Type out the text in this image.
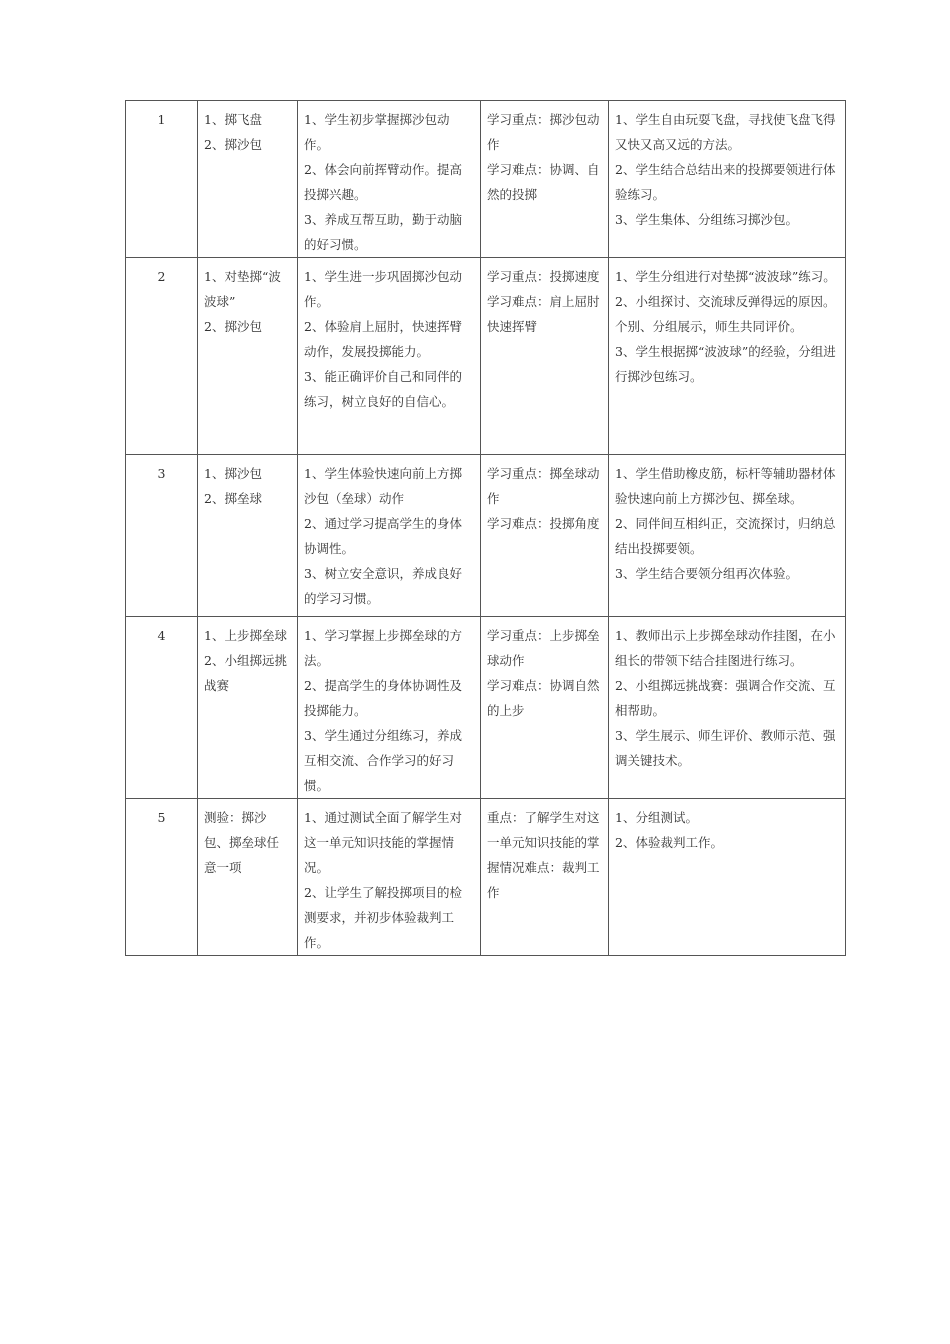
1	1、掷飞盘
2、掷沙包	1、学生初步掌握掷沙包动作。
2、体会向前挥臂动作。提高投掷兴趣。
3、养成互帮互助，勤于动脑的好习惯。	学习重点：掷沙包动作
学习难点：协调、自然的投掷	1、学生自由玩耍飞盘，寻找使飞盘飞得又快又高又远的方法。
2、学生结合总结出来的投掷要领进行体验练习。
3、学生集体、分组练习掷沙包。

2	1、对垫掷“波波球”
2、掷沙包	1、学生进一步巩固掷沙包动作。
2、体验肩上屈肘，快速挥臂动作，发展投掷能力。
3、能正确评价自己和同伴的练习，树立良好的自信心。	学习重点：投掷速度
学习难点：肩上屈肘快速挥臂	1、学生分组进行对垫掷“波波球”练习。
2、小组探讨、交流球反弹得远的原因。个别、分组展示，师生共同评价。
3、学生根据掷“波波球”的经验，分组进行掷沙包练习。

3	1、掷沙包
2、掷垒球	1、学生体验快速向前上方掷沙包（垒球）动作
2、通过学习提高学生的身体协调性。
3、树立安全意识，养成良好的学习习惯。	学习重点：掷垒球动作
学习难点：投掷角度	1、学生借助橡皮筋，标杆等辅助器材体验快速向前上方掷沙包、掷垒球。
2、同伴间互相纠正，交流探讨，归纳总结出投掷要领。
3、学生结合要领分组再次体验。

4	1、上步掷垒球
2、小组掷远挑战赛	1、学习掌握上步掷垒球的方法。
2、提高学生的身体协调性及投掷能力。
3、学生通过分组练习，养成互相交流、合作学习的好习惯。	学习重点：上步掷垒球动作
学习难点：协调自然的上步	1、教师出示上步掷垒球动作挂图，在小组长的带领下结合挂图进行练习。
2、小组掷远挑战赛：强调合作交流、互相帮助。
3、学生展示、师生评价、教师示范、强调关键技术。

5	测验：掷沙包、掷垒球任意一项	1、通过测试全面了解学生对这一单元知识技能的掌握情况。
2、让学生了解投掷项目的检测要求，并初步体验裁判工作。	重点：了解学生对这一单元知识技能的掌握情况难点：裁判工作	1、分组测试。
2、体验裁判工作。
